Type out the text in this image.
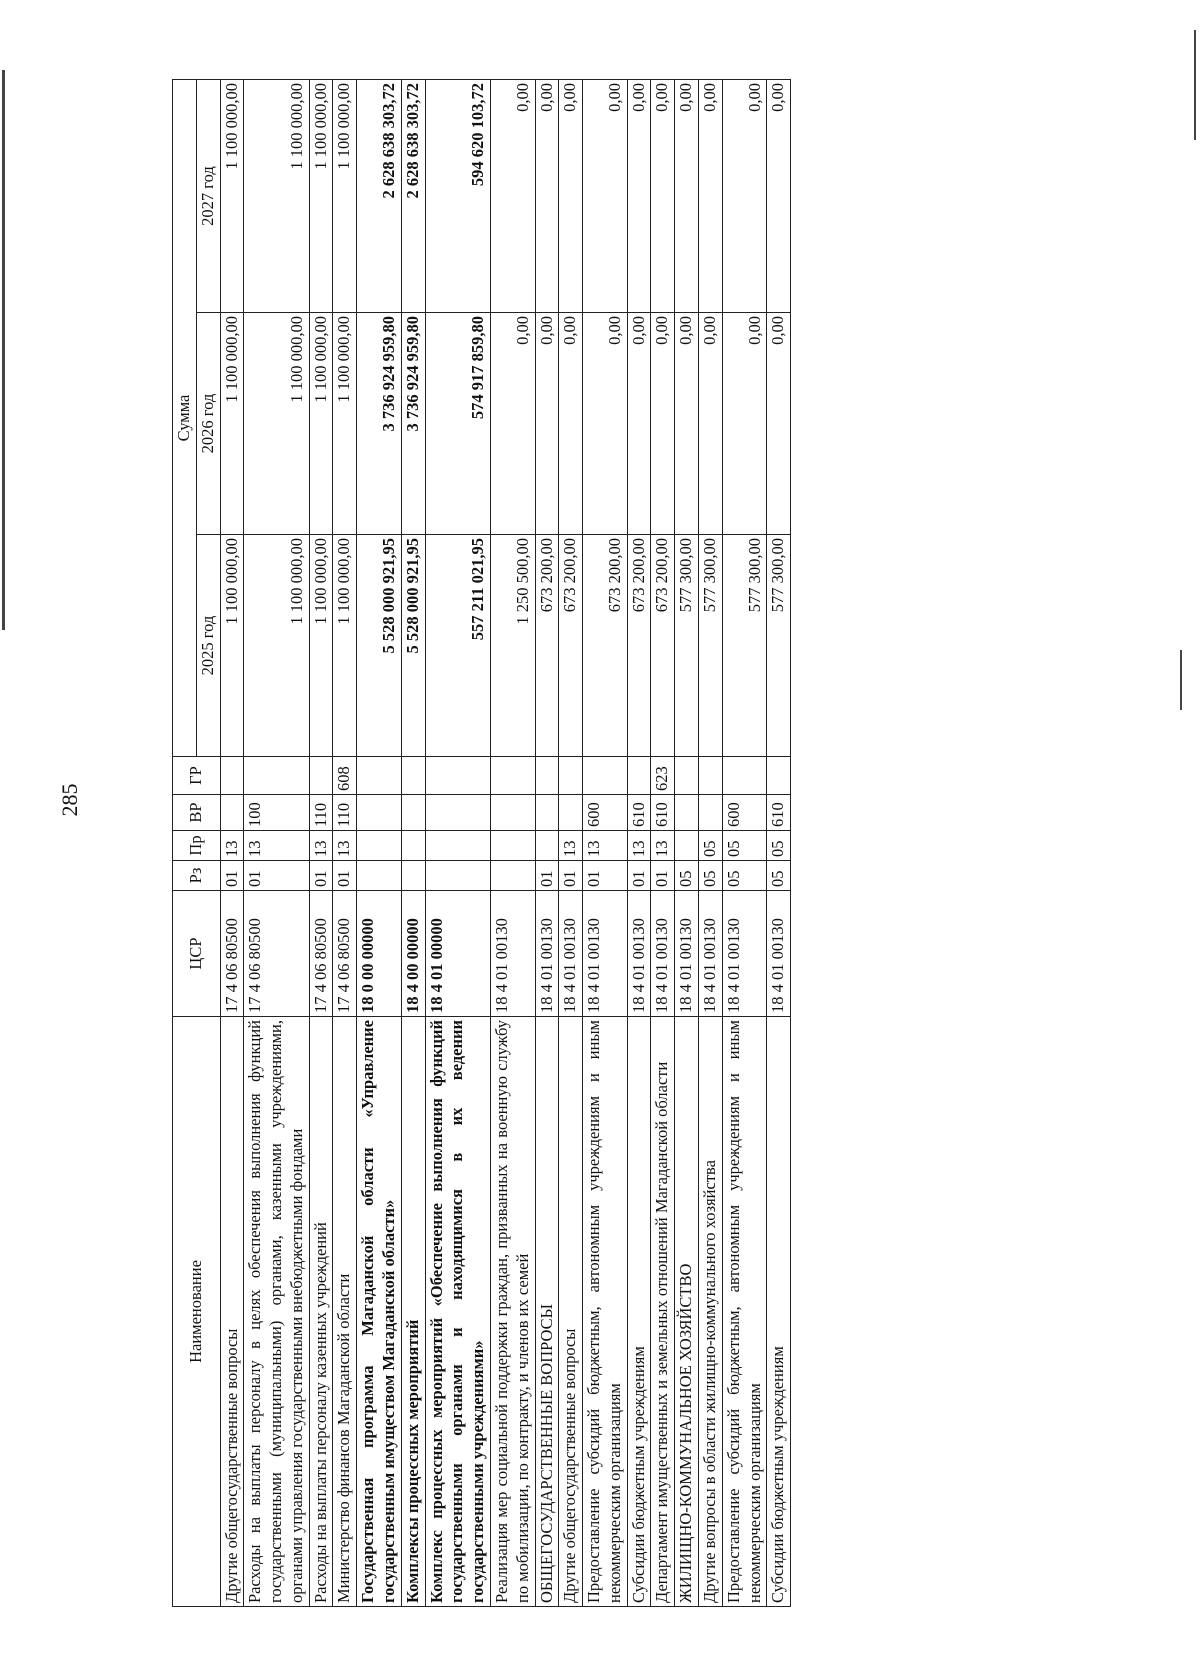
285
Наименование	ЦСР	Рз	Пр	ВР	ГР	Сумма		
						2025 год	2026 год	2027 год
Другие общегосударственные вопросы	17 4 06 80500	01	13			1 100 000,00	1 100 000,00	1 100 000,00
Расходы на выплаты персоналу в целях обеспечения выполнения функций государственными (муниципальными) органами, казенными учреждениями, органами управления государственными внебюджетными фондами	17 4 06 80500	01	13	100		1 100 000,00	1 100 000,00	1 100 000,00
Расходы на выплаты персоналу казенных учреждений	17 4 06 80500	01	13	110		1 100 000,00	1 100 000,00	1 100 000,00
Министерство финансов Магаданской области	17 4 06 80500	01	13	110	608	1 100 000,00	1 100 000,00	1 100 000,00
Государственная программа Магаданской области «Управление государственным имуществом Магаданской области»	18 0 00 00000					5 528 000 921,95	3 736 924 959,80	2 628 638 303,72
Комплексы процессных мероприятий	18 4 00 00000					5 528 000 921,95	3 736 924 959,80	2 628 638 303,72
Комплекс процессных мероприятий «Обеспечение выполнения функций государственными органами и находящимися в их ведении государственными учреждениями»	18 4 01 00000					557 211 021,95	574 917 859,80	594 620 103,72
Реализация мер социальной поддержки граждан, призванных на военную службу по мобилизации, по контракту, и членов их семей	18 4 01 00130					1 250 500,00	0,00	0,00
ОБЩЕГОСУДАРСТВЕННЫЕ ВОПРОСЫ	18 4 01 00130	01				673 200,00	0,00	0,00
Другие общегосударственные вопросы	18 4 01 00130	01	13			673 200,00	0,00	0,00
Предоставление субсидий бюджетным, автономным учреждениям и иным некоммерческим организациям	18 4 01 00130	01	13	600		673 200,00	0,00	0,00
Субсидии бюджетным учреждениям	18 4 01 00130	01	13	610		673 200,00	0,00	0,00
Департамент имущественных и земельных отношений Магаданской области	18 4 01 00130	01	13	610	623	673 200,00	0,00	0,00
ЖИЛИЩНО-КОММУНАЛЬНОЕ ХОЗЯЙСТВО	18 4 01 00130	05				577 300,00	0,00	0,00
Другие вопросы в области жилищно-коммунального хозяйства	18 4 01 00130	05	05			577 300,00	0,00	0,00
Предоставление субсидий бюджетным, автономным учреждениям и иным некоммерческим организациям	18 4 01 00130	05	05	600		577 300,00	0,00	0,00
Субсидии бюджетным учреждениям	18 4 01 00130	05	05	610		577 300,00	0,00	0,00
